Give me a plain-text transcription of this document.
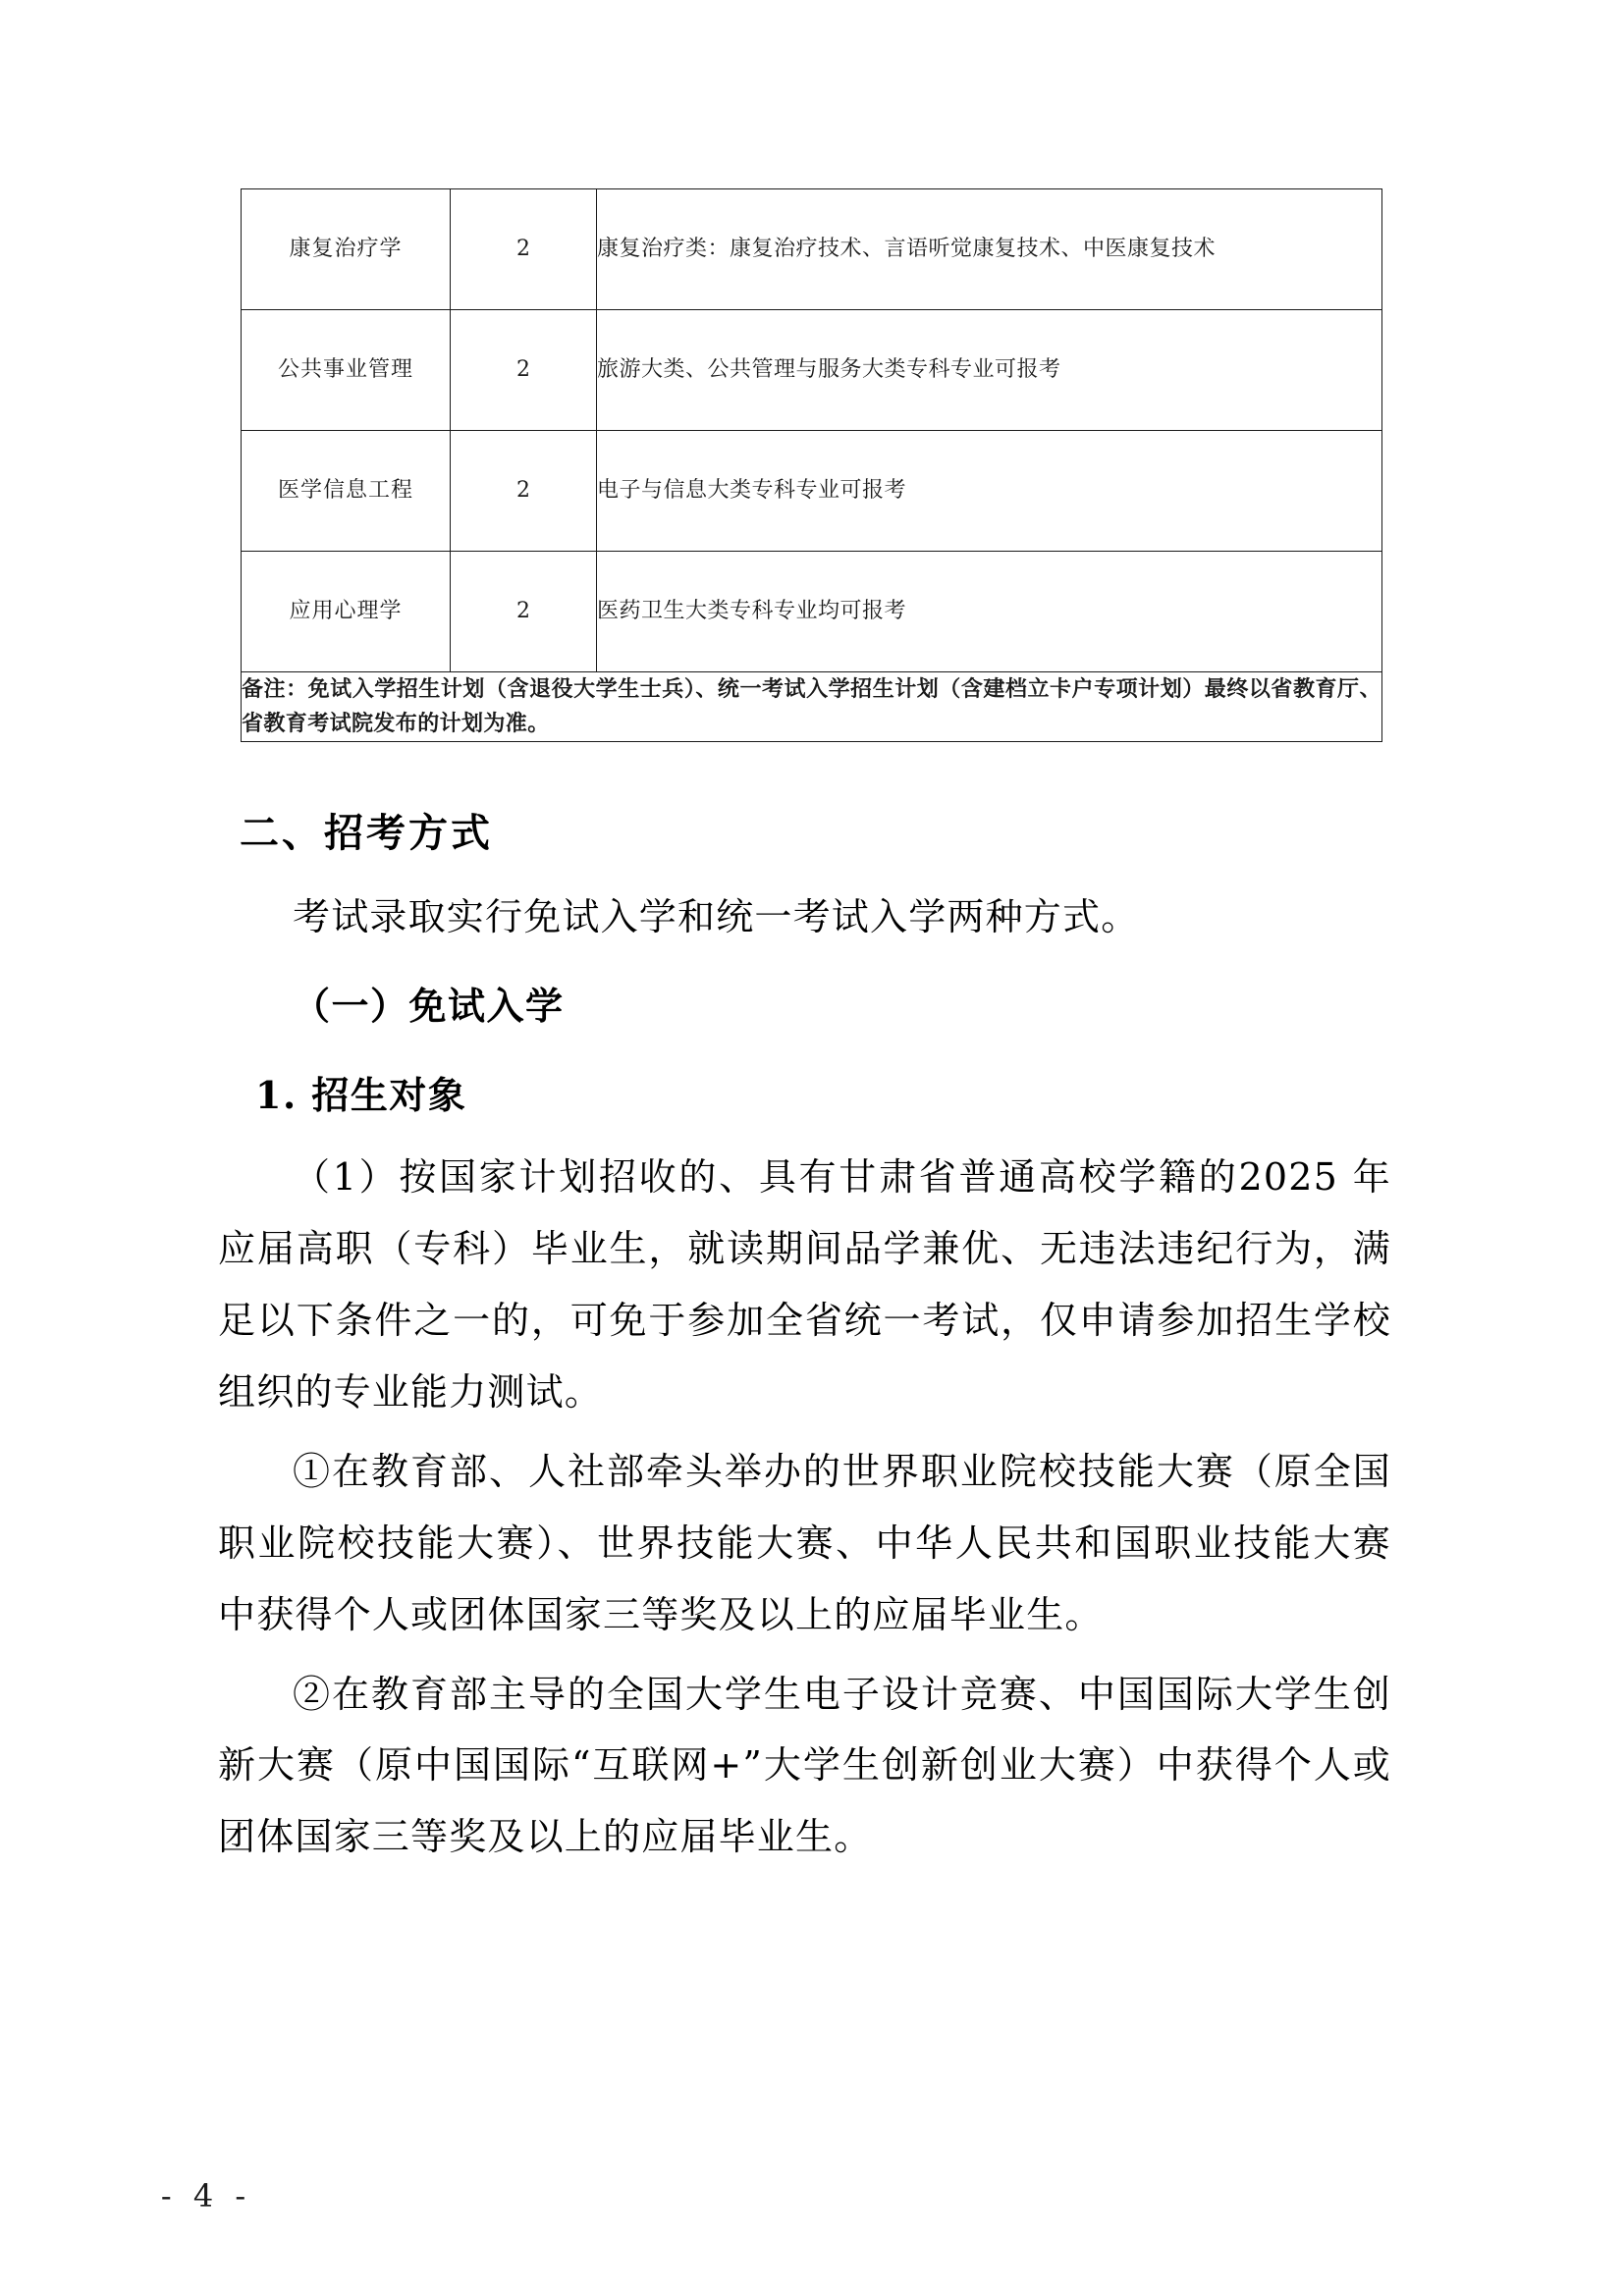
康复治疗学	2	康复治疗类：康复治疗技术、言语听觉康复技术、中医康复技术
公共事业管理	2	旅游大类、公共管理与服务大类专科专业可报考
医学信息工程	2	电子与信息大类专科专业可报考
应用心理学	2	医药卫生大类专科专业均可报考
备注：免试入学招生计划（含退役大学生士兵）、统一考试入学招生计划（含建档立卡户专项计划）最终以省教育厅、省教育考试院发布的计划为准。		
二、招考方式

考试录取实行免试入学和统一考试入学两种方式。

（一）免试入学
1. 招生对象

（1）按国家计划招收的、具有甘肃省普通高校学籍的2025 年应届高职（专科）毕业生，就读期间品学兼优、无违法违纪行为，满足以下条件之一的，可免于参加全省统一考试，仅申请参加招生学校组织的专业能力测试。

①在教育部、人社部牵头举办的世界职业院校技能大赛（原全国职业院校技能大赛）、世界技能大赛、中华人民共和国职业技能大赛中获得个人或团体国家三等奖及以上的应届毕业生。

②在教育部主导的全国大学生电子设计竞赛、中国国际大学生创新大赛（原中国国际“互联网+”大学生创新创业大赛）中获得个人或团体国家三等奖及以上的应届毕业生。

- 4 -
